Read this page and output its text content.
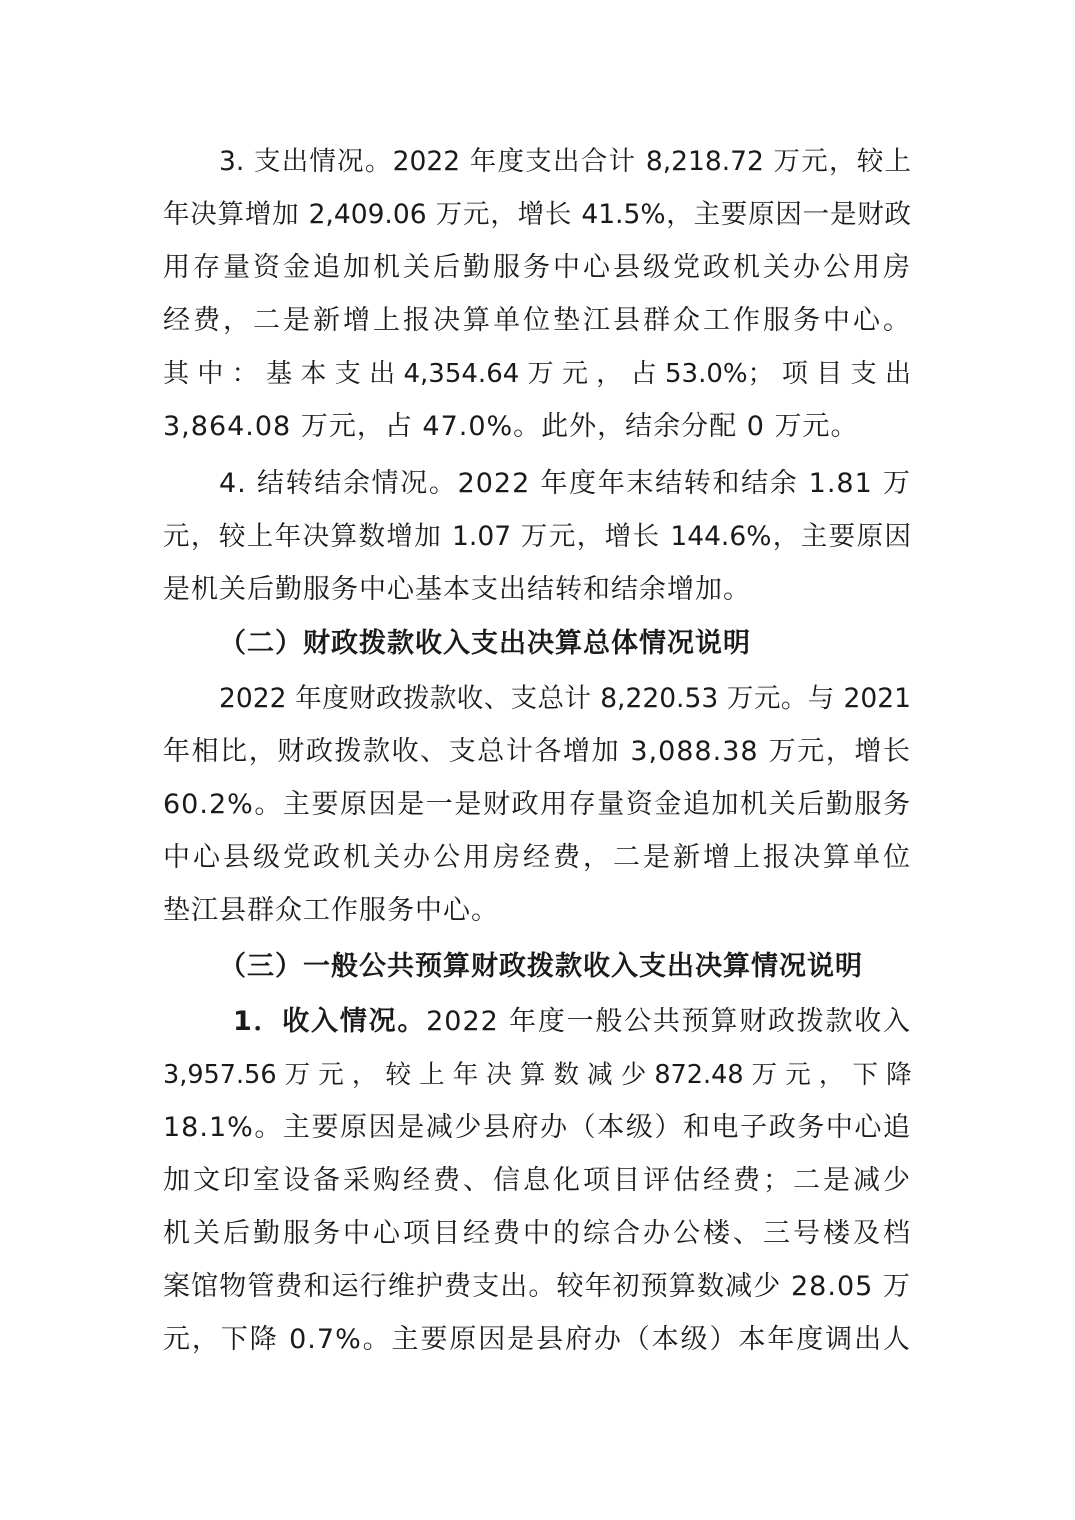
3. 支出情况。2022 年度支出合计 8,218.72 万元，较上
年决算增加 2,409.06 万元，增长 41.5%，主要原因一是财政
用存量资金追加机关后勤服务中心县级党政机关办公用房
经费，二是新增上报决算单位垫江县群众工作服务中心。
其 中 ： 基 本 支 出 4,354.64 万 元 ， 占 53.0%； 项 目 支 出
3,864.08 万元，占 47.0%。此外，结余分配 0 万元。
4. 结转结余情况。2022 年度年末结转和结余 1.81 万
元，较上年决算数增加 1.07 万元，增长 144.6%，主要原因
是机关后勤服务中心基本支出结转和结余增加。
（二）财政拨款收入支出决算总体情况说明
2022 年度财政拨款收、支总计 8,220.53 万元。与 2021
年相比，财政拨款收、支总计各增加 3,088.38 万元，增长
60.2%。主要原因是一是财政用存量资金追加机关后勤服务
中心县级党政机关办公用房经费，二是新增上报决算单位
垫江县群众工作服务中心。
（三）一般公共预算财政拨款收入支出决算情况说明
1．收入情况。2022 年度一般公共预算财政拨款收入
3,957.56 万 元 ， 较 上 年 决 算 数 减 少 872.48 万 元 ， 下 降
18.1%。主要原因是减少县府办（本级）和电子政务中心追
加文印室设备采购经费、信息化项目评估经费；二是减少
机关后勤服务中心项目经费中的综合办公楼、三号楼及档
案馆物管费和运行维护费支出。较年初预算数减少 28.05 万
元，下降 0.7%。主要原因是县府办（本级）本年度调出人
